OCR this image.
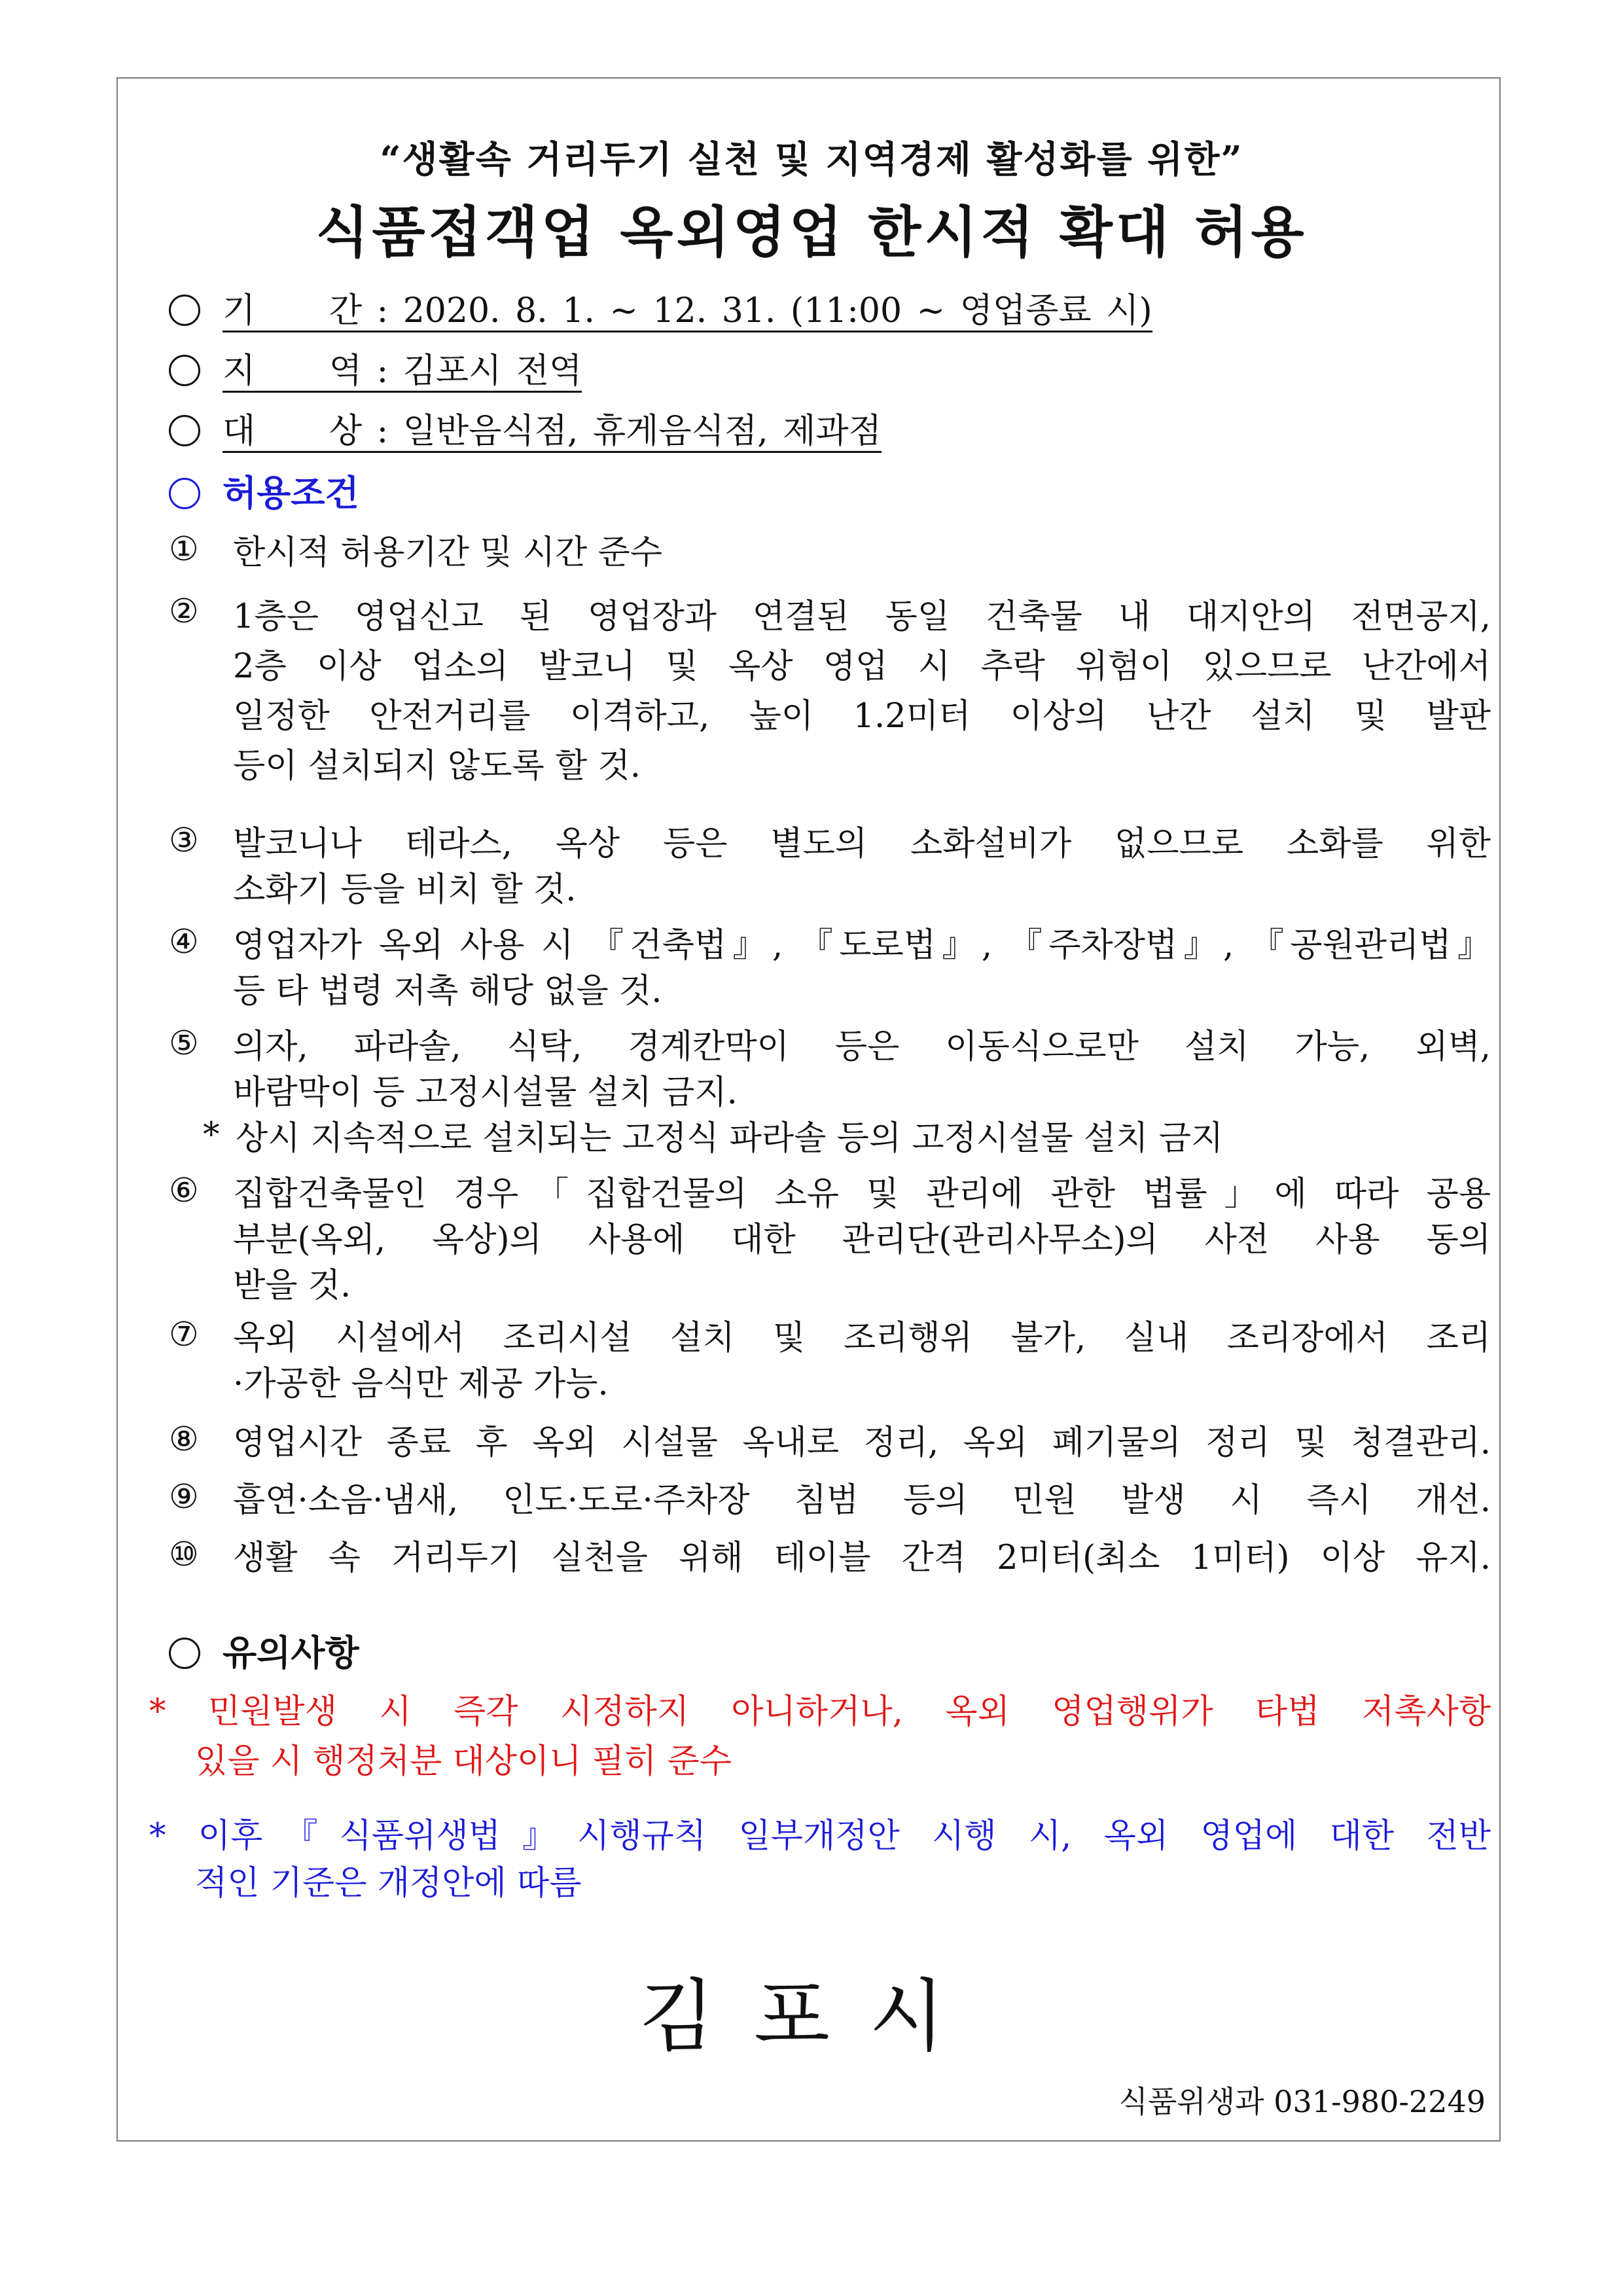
“생활속 거리두기 실천 및 지역경제 활성화를 위한”
식품접객업 옥외영업 한시적 확대 허용
기     간 : 2020. 8. 1. ~ 12. 31. (11:00 ~ 영업종료 시)
지     역 : 김포시 전역
대     상 : 일반음식점, 휴게음식점, 제과점
허용조건
①	한시적 허용기간 및 시간 준수
②	1층은 영업신고 된 영업장과 연결된 동일 건축물 내 대지안의 전면공지,
2층 이상 업소의 발코니 및 옥상 영업 시 추락 위험이 있으므로 난간에서
일정한 안전거리를 이격하고, 높이 1.2미터 이상의 난간 설치 및 발판
등이 설치되지 않도록 할 것.
③	발코니나 테라스, 옥상 등은 별도의 소화설비가 없으므로 소화를 위한
소화기 등을 비치 할 것.
④	영업자가 옥외 사용 시 『건축법』, 『도로법』, 『주차장법』, 『공원관리법』
등 타 법령 저촉 해당 없을 것.
⑤	의자, 파라솔, 식탁, 경계칸막이 등은 이동식으로만 설치 가능, 외벽,
바람막이 등 고정시설물 설치 금지.
* 상시 지속적으로 설치되는 고정식 파라솔 등의 고정시설물 설치 금지
⑥	집합건축물인 경우「집합건물의 소유 및 관리에 관한 법률」에 따라 공용
부분(옥외, 옥상)의 사용에 대한 관리단(관리사무소)의 사전 사용 동의
받을 것.
⑦	옥외 시설에서 조리시설 설치 및 조리행위 불가, 실내 조리장에서 조리
·가공한 음식만 제공 가능.
⑧	영업시간 종료 후 옥외 시설물 옥내로 정리, 옥외 폐기물의 정리 및 청결관리.
⑨	흡연·소음·냄새, 인도·도로·주차장 침범 등의 민원 발생 시 즉시 개선.
⑩	생활 속 거리두기 실천을 위해 테이블 간격 2미터(최소 1미터) 이상 유지.
유의사항
* 민원발생 시 즉각 시정하지 아니하거나, 옥외 영업행위가 타법 저촉사항
있을 시 행정처분 대상이니 필히 준수
* 이후『식품위생법』시행규칙 일부개정안 시행 시, 옥외 영업에 대한 전반
적인 기준은 개정안에 따름
김포시
식품위생과 031-980-2249
